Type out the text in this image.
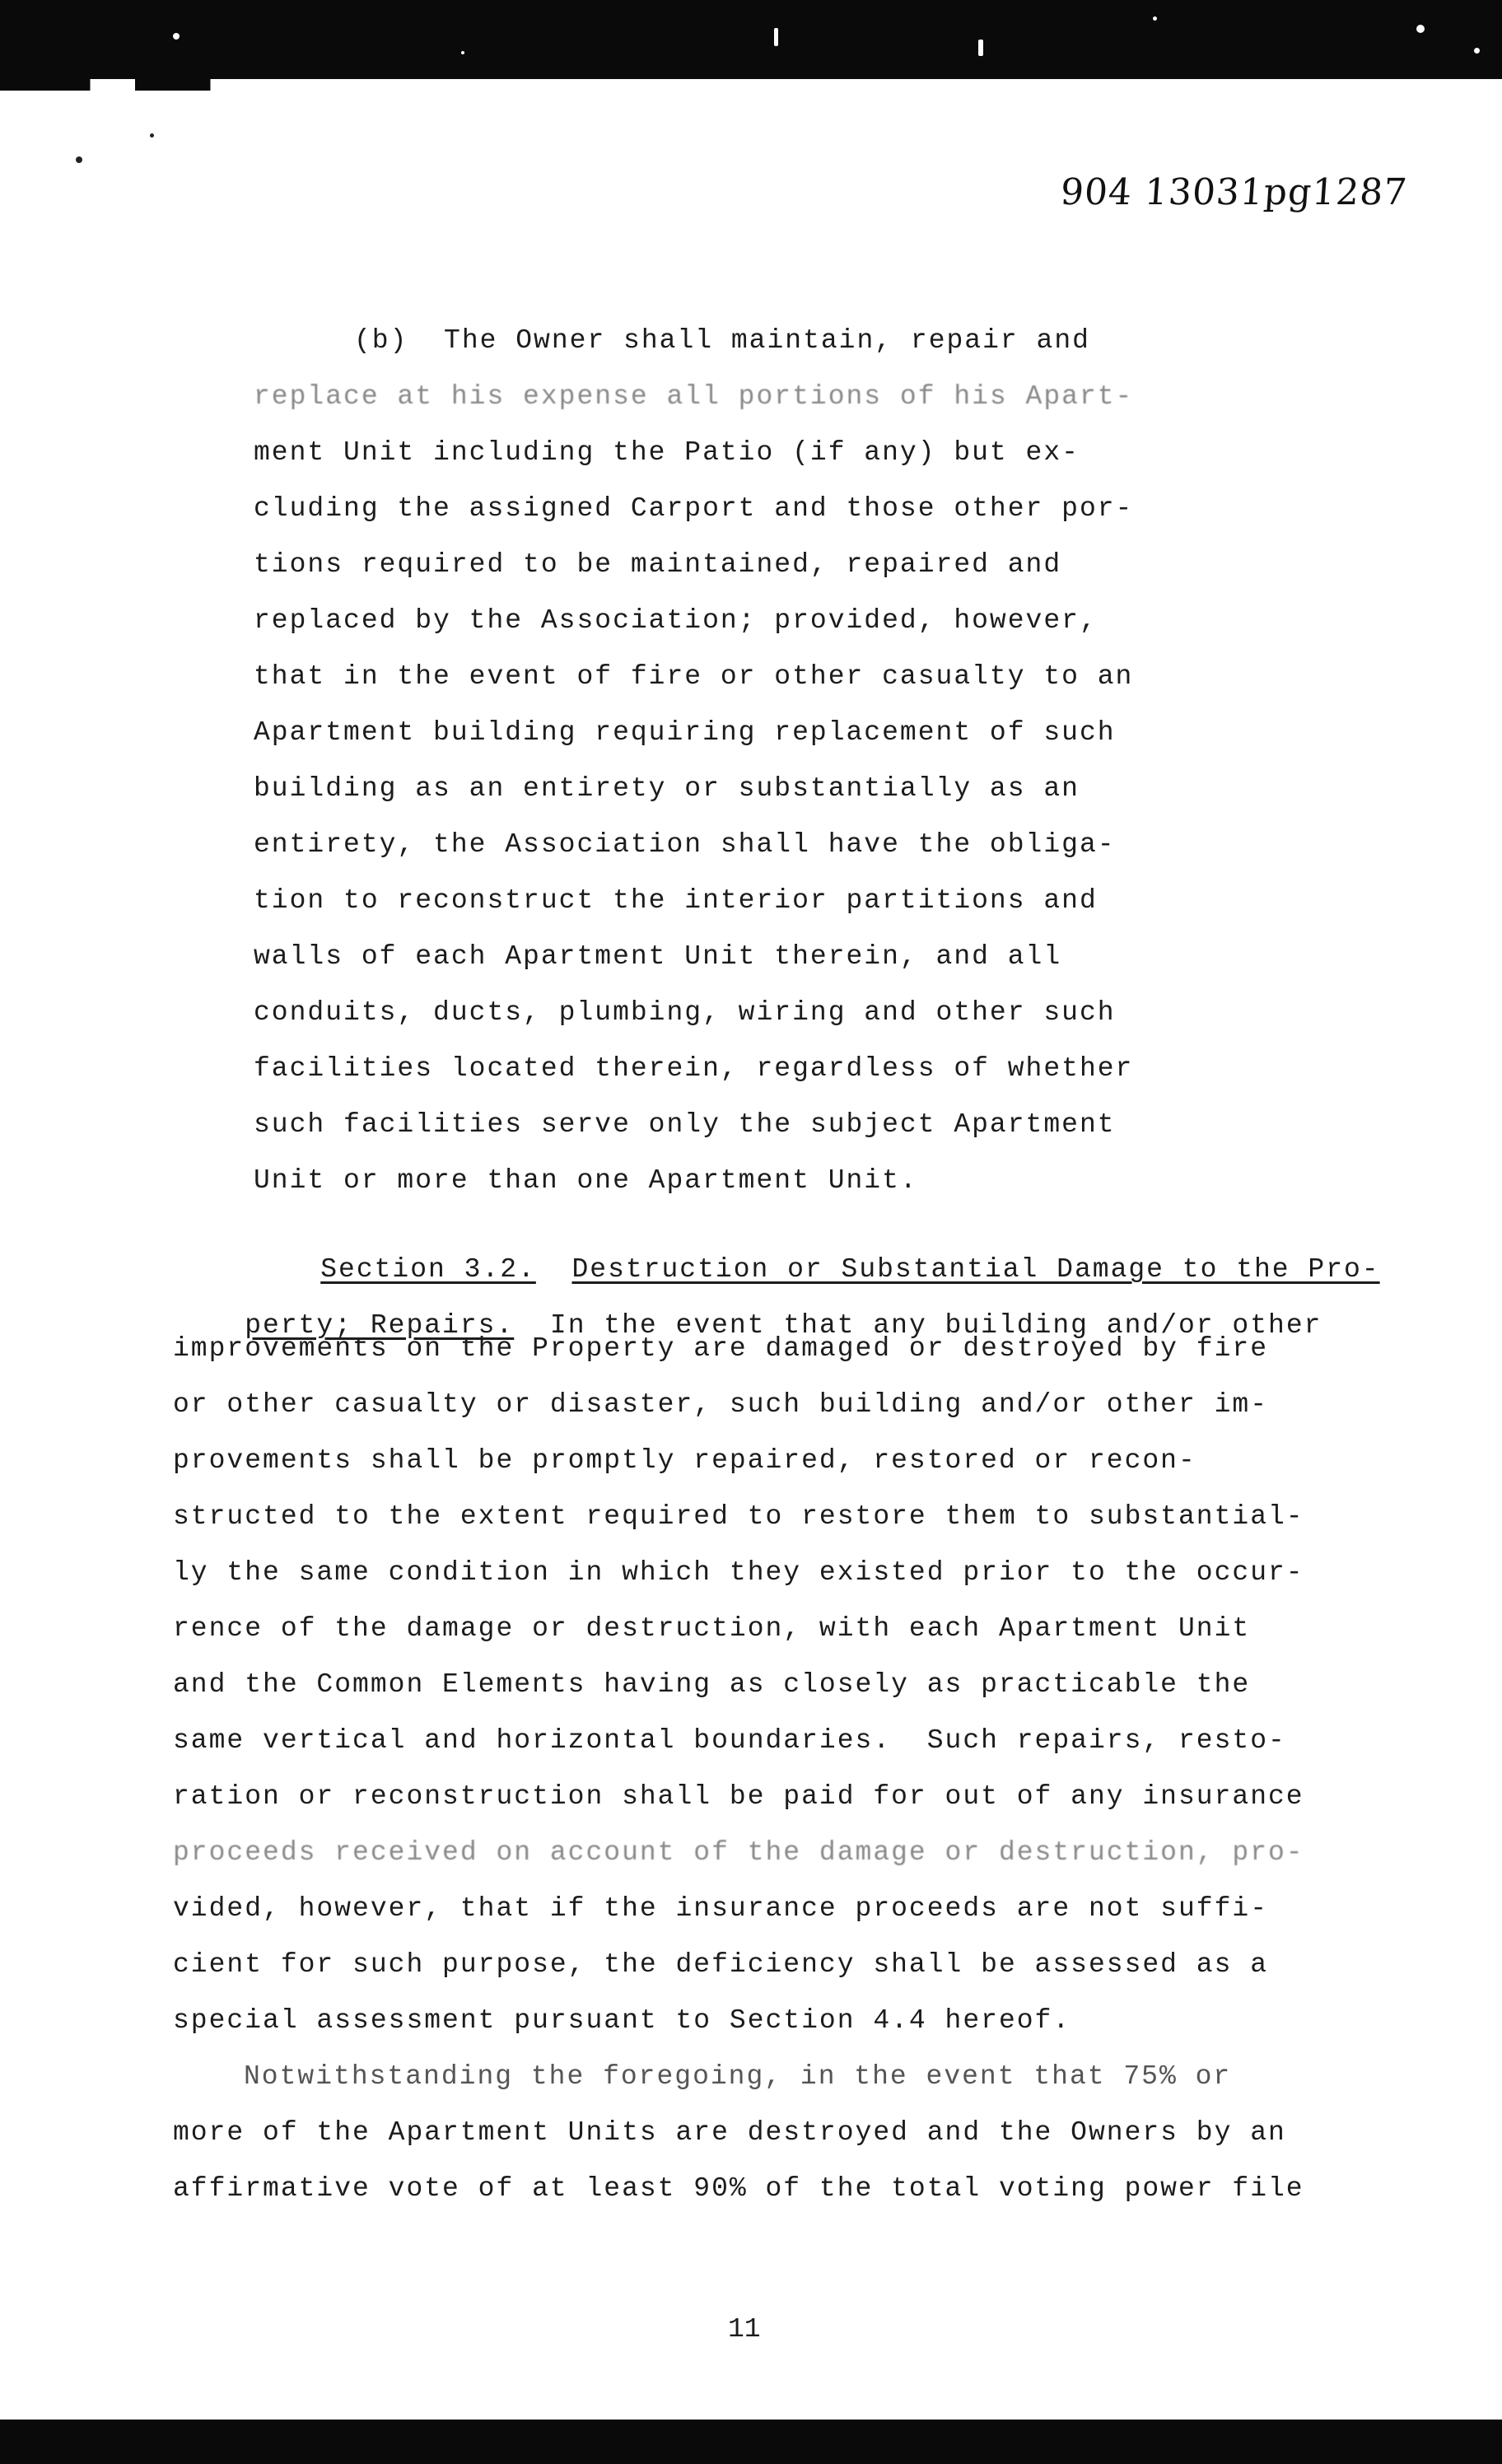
904 13031pg1287
(b)  The Owner shall maintain, repair and
replace at his expense all portions of his Apart-
ment Unit including the Patio (if any) but ex-
cluding the assigned Carport and those other por-
tions required to be maintained, repaired and
replaced by the Association; provided, however,
that in the event of fire or other casualty to an
Apartment building requiring replacement of such
building as an entirety or substantially as an
entirety, the Association shall have the obliga-
tion to reconstruct the interior partitions and
walls of each Apartment Unit therein, and all
conduits, ducts, plumbing, wiring and other such
facilities located therein, regardless of whether
such facilities serve only the subject Apartment
Unit or more than one Apartment Unit.

Section 3.2. Destruction or Substantial Damage to the Pro-

perty; Repairs. In the event that any building and/or other

improvements on the Property are damaged or destroyed by fire
or other casualty or disaster, such building and/or other im-
provements shall be promptly repaired, restored or recon-
structed to the extent required to restore them to substantial-
ly the same condition in which they existed prior to the occur-
rence of the damage or destruction, with each Apartment Unit
and the Common Elements having as closely as practicable the
same vertical and horizontal boundaries.  Such repairs, resto-
ration or reconstruction shall be paid for out of any insurance
proceeds received on account of the damage or destruction, pro-
vided, however, that if the insurance proceeds are not suffi-
cient for such purpose, the deficiency shall be assessed as a
special assessment pursuant to Section 4.4 hereof.
Notwithstanding the foregoing, in the event that 75% or
more of the Apartment Units are destroyed and the Owners by an
affirmative vote of at least 90% of the total voting power file
11
